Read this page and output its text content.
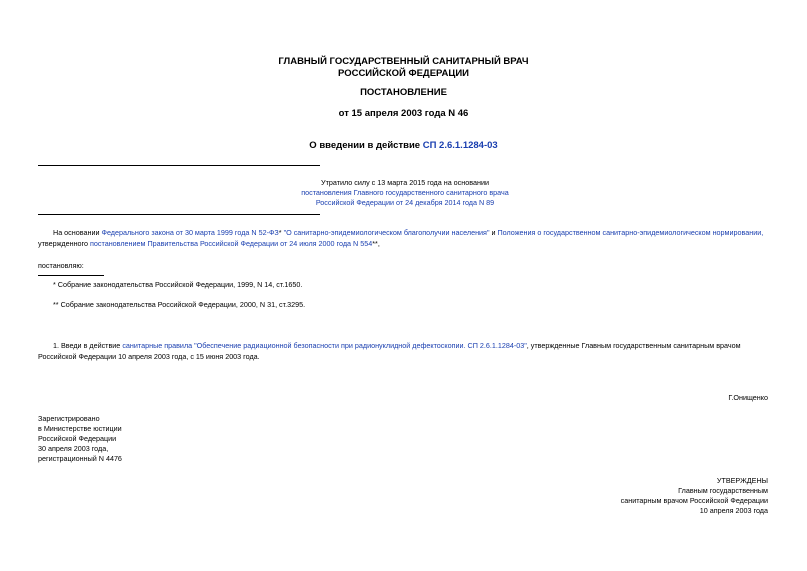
ГЛАВНЫЙ ГОСУДАРСТВЕННЫЙ САНИТАРНЫЙ ВРАЧ
РОССИЙСКОЙ ФЕДЕРАЦИИ
ПОСТАНОВЛЕНИЕ
от 15 апреля 2003 года N 46
О введении в действие СП 2.6.1.1284-03
Утратило силу с 13 марта 2015 года на основании
постановления Главного государственного санитарного врача
Российской Федерации от 24 декабря 2014 года N 89
На основании Федерального закона от 30 марта 1999 года N 52-ФЗ* "О санитарно-эпидемиологическом благополучии населения" и Положения о государственном санитарно-эпидемиологическом нормировании,
утвержденного постановлением Правительства Российской Федерации от 24 июля 2000 года N 554**,
постановляю:
* Собрание законодательства Российской Федерации, 1999, N 14, ст.1650.
** Собрание законодательства Российской Федерации, 2000, N 31, ст.3295.
1. Введи в действие санитарные правила "Обеспечение радиационной безопасности при радионуклидной дефектоскопии. СП 2.6.1.1284-03", утвержденные Главным государственным санитарным врачом
Российской Федерации 10 апреля 2003 года, с 15 июня 2003 года.
Г.Онищенко
Зарегистрировано
в Министерстве юстиции
Российской Федерации
30 апреля 2003 года,
регистрационный N 4476
УТВЕРЖДЕНЫ
Главным государственным
санитарным врачом Российской Федерации
10 апреля 2003 года
